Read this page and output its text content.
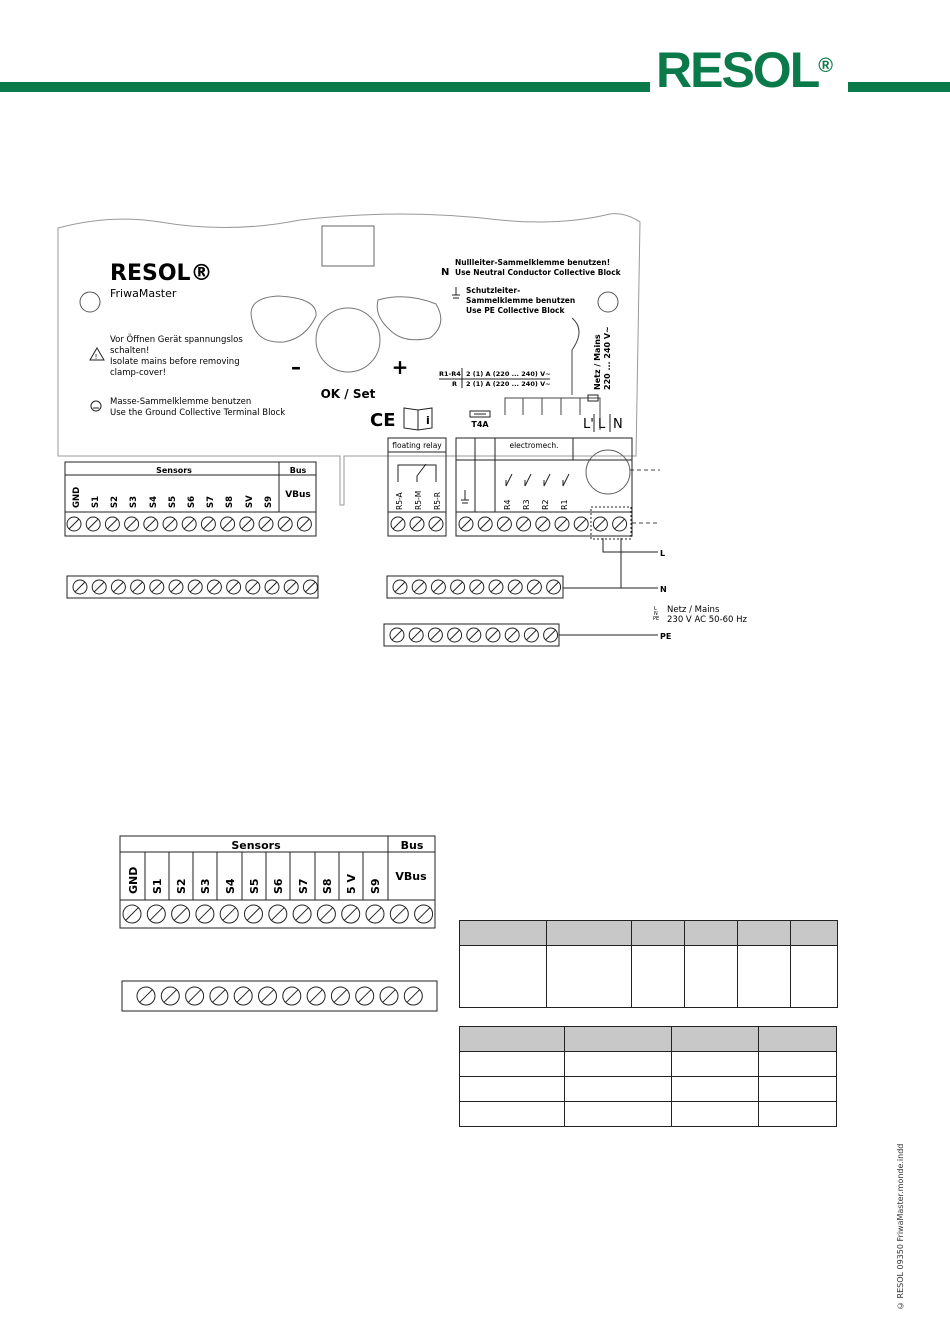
RESOL®
RESOL®
FriwaMaster
!
Vor Öffnen Gerät spannungslos schalten! Isolate mains before removing clamp-cover!
Masse-Sammelklemme benutzen Use the Ground Collective Terminal Block
–	+
OK / Set
CE	i
N
Nullleiter-Sammelklemme benutzen! Use Neutral Conductor Collective Block
Schutzleiter-Sammelklemme benutzen Use PE Collective Block
Netz / Mains220 ... 240 V~
R1-R4 2 (1) A (220 ... 240) V~
R 2 (1) A (220 ... 240) V~
T4A	L' L N
Sensors	Bus
GND S1 S2 S3 S4 S5 S6 S7 S8 SV S9
VBus
floating relay
R5-A R5-M R5-R
electromech.
R4 R3 R2 R1
L
N
PE
L
N
PE
Netz / Mains 230 V AC 50-60 Hz
Sensors	Bus
GND S1 S2 S3 S4 S5 S6 S7 S8 5 V S9
VBus

© RESOL 09350 FriwaMaster.monde.indd
